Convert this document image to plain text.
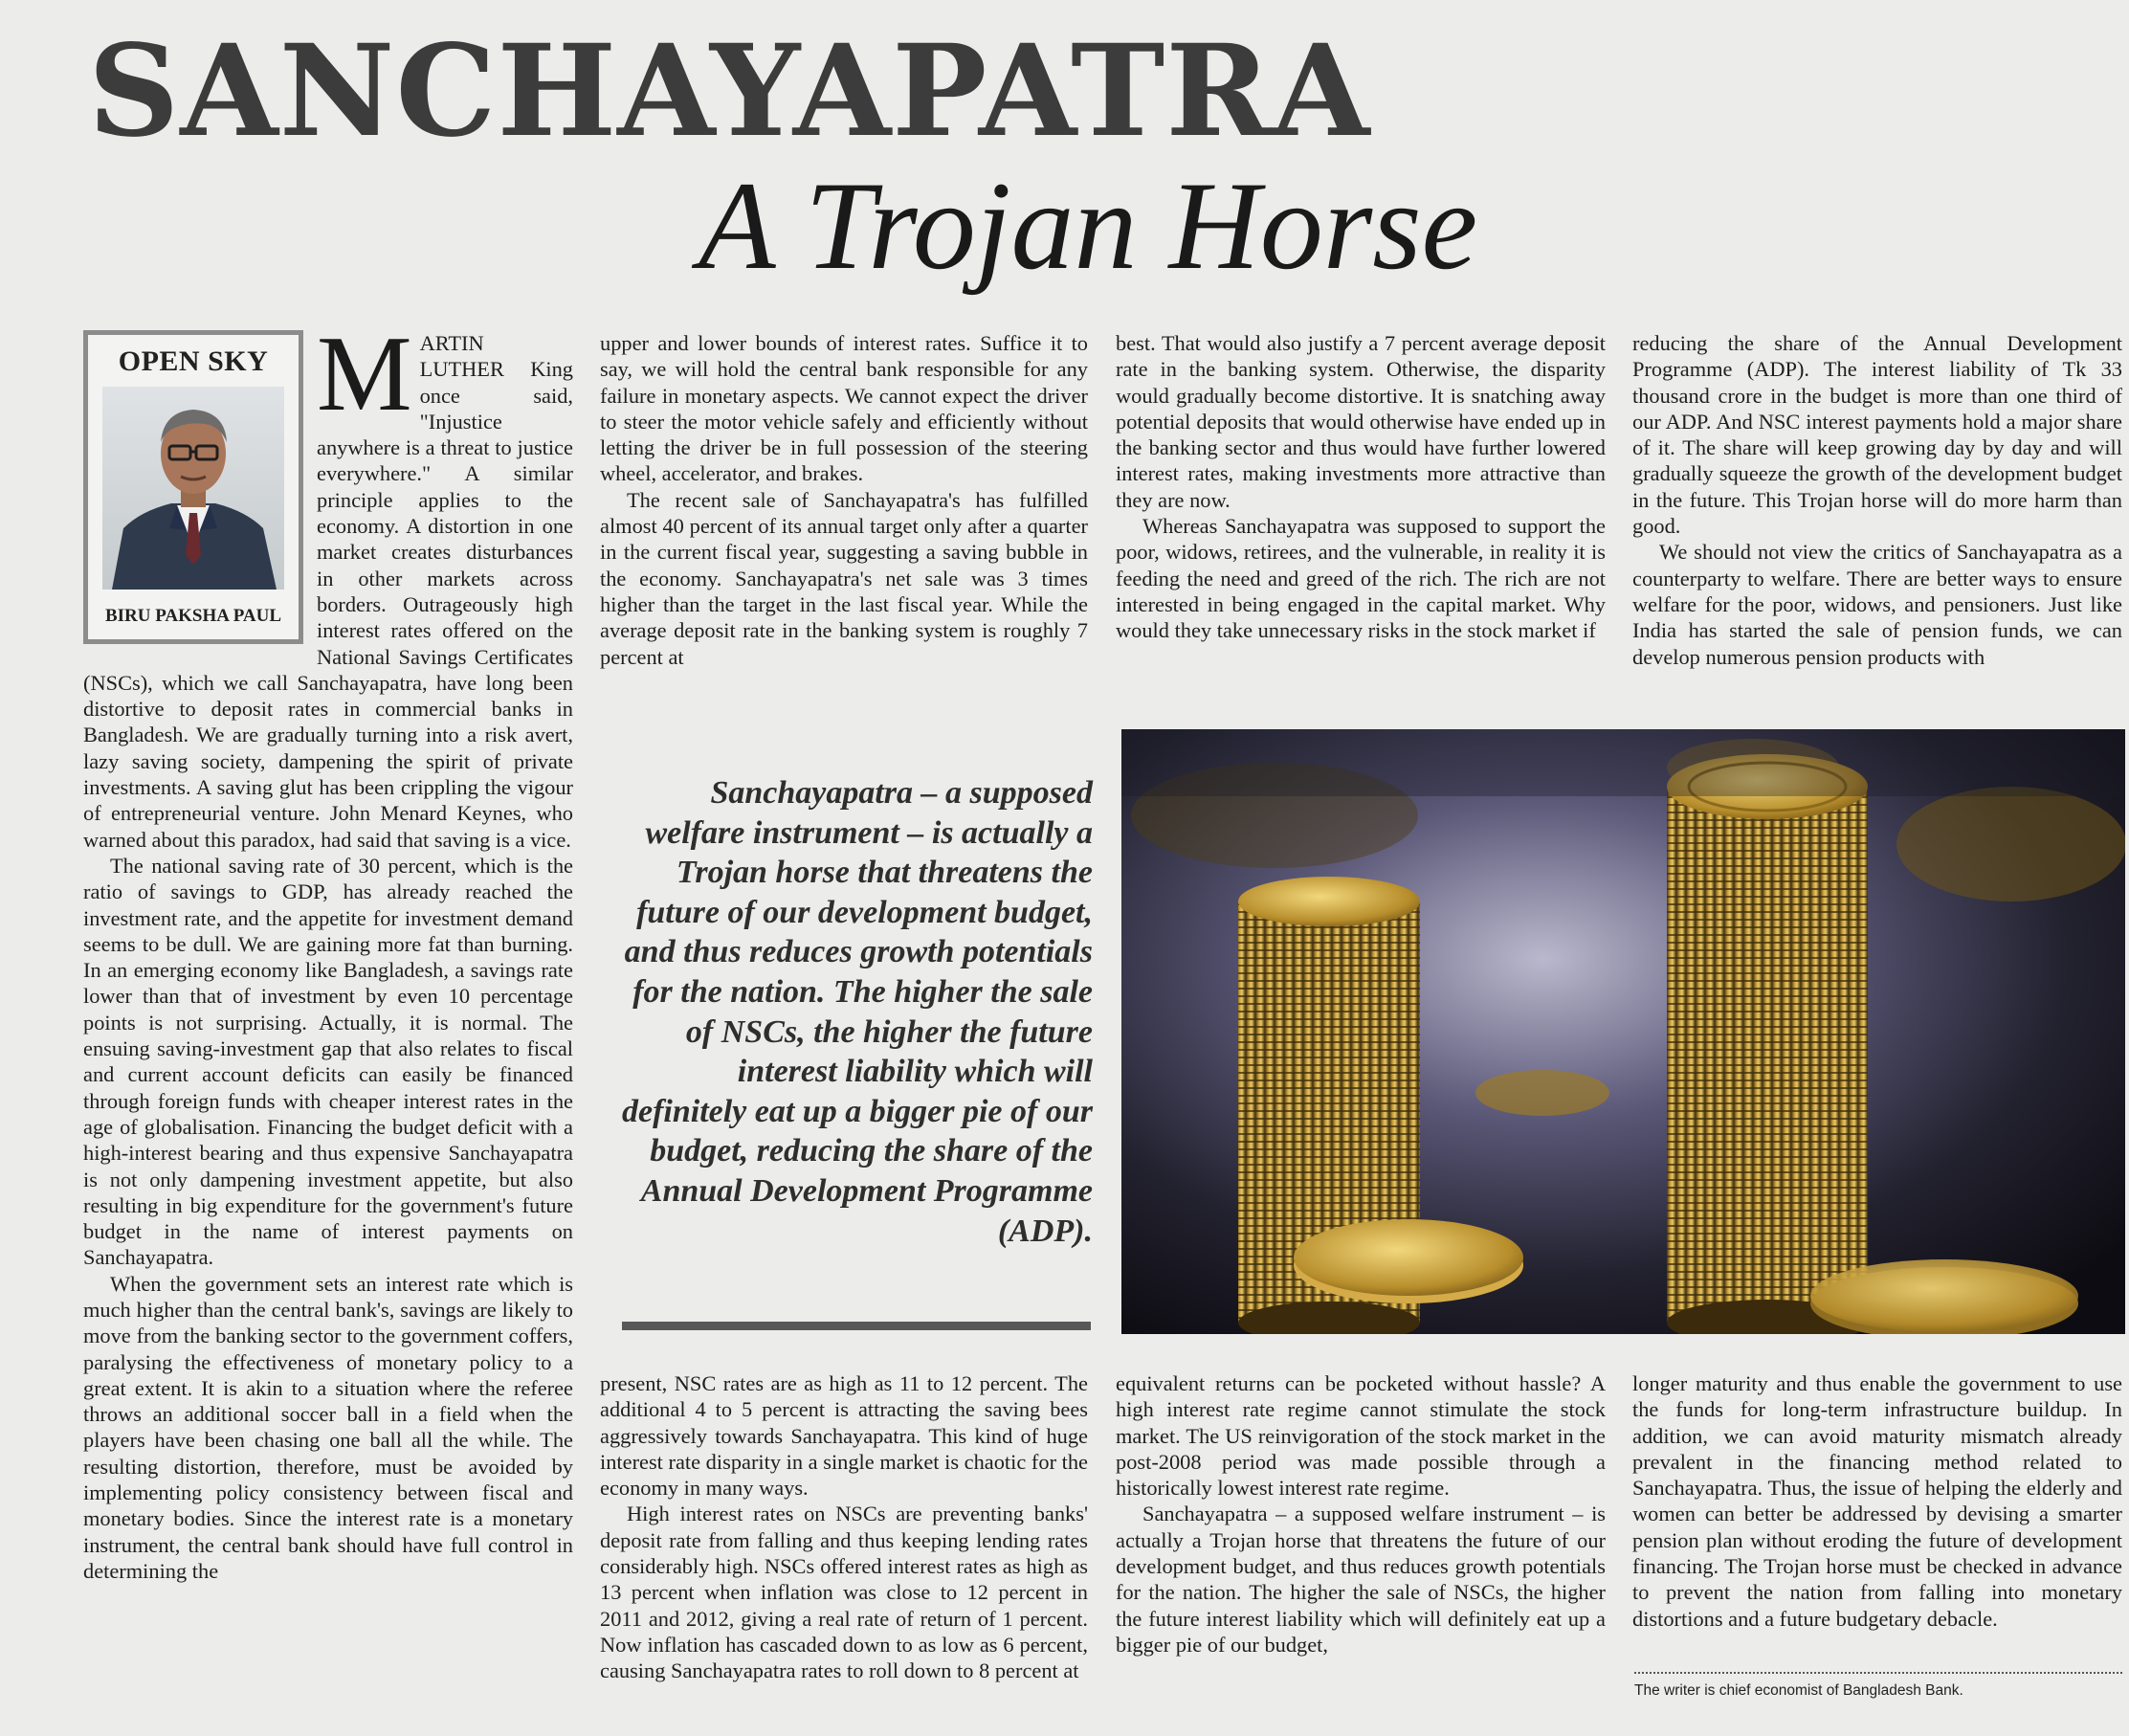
SANCHAYAPATRA
A Trojan Horse
OPEN SKY
BIRU PAKSHA PAUL
M ARTIN LUTHER King once said, "Injustice anywhere is a threat to justice everywhere." A similar principle applies to the economy. A distortion in one market creates disturbances in other markets across borders. Outrageously high interest rates offered on the National Savings Certificates (NSCs), which we call Sanchayapatra, have long been distortive to deposit rates in commercial banks in Bangladesh. We are gradually turning into a risk avert, lazy saving society, dampening the spirit of private investments. A saving glut has been crippling the vigour of entrepreneurial venture. John Menard Keynes, who warned about this paradox, had said that saving is a vice.

The national saving rate of 30 percent, which is the ratio of savings to GDP, has already reached the investment rate, and the appetite for investment demand seems to be dull. We are gaining more fat than burning. In an emerging economy like Bangladesh, a savings rate lower than that of investment by even 10 percentage points is not surprising. Actually, it is normal. The ensuing saving-investment gap that also relates to fiscal and current account deficits can easily be financed through foreign funds with cheaper interest rates in the age of globalisation. Financing the budget deficit with a high-interest bearing and thus expensive Sanchayapatra is not only dampening investment appetite, but also resulting in big expenditure for the government's future budget in the name of interest payments on Sanchayapatra.

When the government sets an interest rate which is much higher than the central bank's, savings are likely to move from the banking sector to the government coffers, paralysing the effectiveness of monetary policy to a great extent. It is akin to a situation where the referee throws an additional soccer ball in a field when the players have been chasing one ball all the while. The resulting distortion, therefore, must be avoided by implementing policy consistency between fiscal and monetary bodies. Since the interest rate is a monetary instrument, the central bank should have full control in determining the

upper and lower bounds of interest rates. Suffice it to say, we will hold the central bank responsible for any failure in monetary aspects. We cannot expect the driver to steer the motor vehicle safely and efficiently without letting the driver be in full possession of the steering wheel, accelerator, and brakes.

The recent sale of Sanchayapatra's has fulfilled almost 40 percent of its annual target only after a quarter in the current fiscal year, suggesting a saving bubble in the economy. Sanchayapatra's net sale was 3 times higher than the target in the last fiscal year. While the average deposit rate in the banking system is roughly 7 percent at

best. That would also justify a 7 percent average deposit rate in the banking system. Otherwise, the disparity would gradually become distortive. It is snatching away potential deposits that would otherwise have ended up in the banking sector and thus would have further lowered interest rates, making investments more attractive than they are now.

Whereas Sanchayapatra was supposed to support the poor, widows, retirees, and the vulnerable, in reality it is feeding the need and greed of the rich. The rich are not interested in being engaged in the capital market. Why would they take unnecessary risks in the stock market if

reducing the share of the Annual Development Programme (ADP). The interest liability of Tk 33 thousand crore in the budget is more than one third of our ADP. And NSC interest payments hold a major share of it. The share will keep growing day by day and will gradually squeeze the growth of the development budget in the future. This Trojan horse will do more harm than good.

We should not view the critics of Sanchayapatra as a counterparty to welfare. There are better ways to ensure welfare for the poor, widows, and pensioners. Just like India has started the sale of pension funds, we can develop numerous pension products with

Sanchayapatra – a supposed welfare instrument – is actually a Trojan horse that threatens the future of our development budget, and thus reduces growth potentials for the nation. The higher the sale of NSCs, the higher the future interest liability which will definitely eat up a bigger pie of our budget, reducing the share of the Annual Development Programme (ADP).

present, NSC rates are as high as 11 to 12 percent. The additional 4 to 5 percent is attracting the saving bees aggressively towards Sanchayapatra. This kind of huge interest rate disparity in a single market is chaotic for the economy in many ways.

High interest rates on NSCs are preventing banks' deposit rate from falling and thus keeping lending rates considerably high. NSCs offered interest rates as high as 13 percent when inflation was close to 12 percent in 2011 and 2012, giving a real rate of return of 1 percent. Now inflation has cascaded down to as low as 6 percent, causing Sanchayapatra rates to roll down to 8 percent at

equivalent returns can be pocketed without hassle? A high interest rate regime cannot stimulate the stock market. The US reinvigoration of the stock market in the post-2008 period was made possible through a historically lowest interest rate regime.

Sanchayapatra – a supposed welfare instrument – is actually a Trojan horse that threatens the future of our development budget, and thus reduces growth potentials for the nation. The higher the sale of NSCs, the higher the future interest liability which will definitely eat up a bigger pie of our budget,

longer maturity and thus enable the government to use the funds for long-term infrastructure buildup. In addition, we can avoid maturity mismatch already prevalent in the financing method related to Sanchayapatra. Thus, the issue of helping the elderly and women can better be addressed by devising a smarter pension plan without eroding the future of development financing. The Trojan horse must be checked in advance to prevent the nation from falling into monetary distortions and a future budgetary debacle.

The writer is chief economist of Bangladesh Bank.
